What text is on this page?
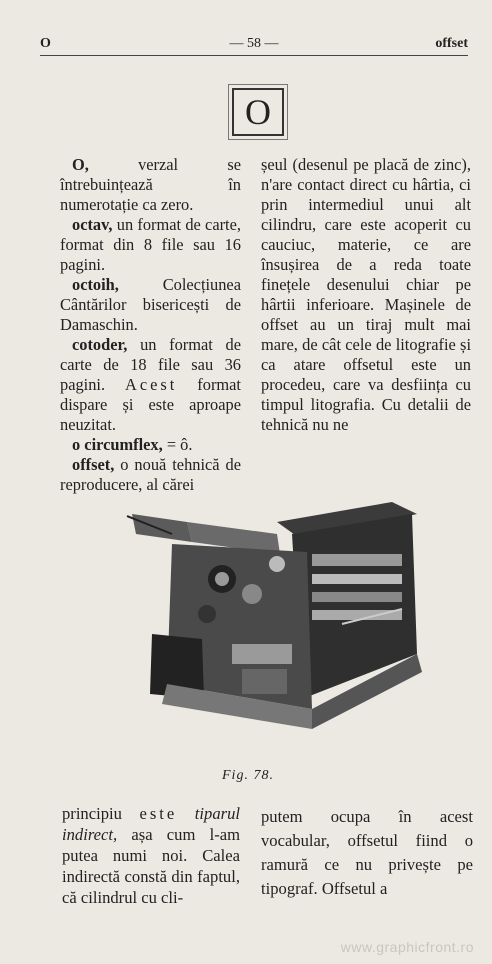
O	— 58 —	offset
O

O, verzal se întrebuințează în numerotație ca zero.

octav, un format de carte, format din 8 file sau 16 pagini.

octoih, Colecțiunea Cântărilor bisericești de Damaschin.

cotoder, un format de carte de 18 file sau 36 pagini. Acest format dispare și este aproape neuzitat.

o circumflex, = ô.

offset, o nouă tehnică de reproducere, al cărei

șeul (desenul pe placă de zinc), n'are contact direct cu hârtia, ci prin intermediul unui alt cilindru, care este acoperit cu cauciuc, materie, ce are însușirea de a reda toate finețele desenului chiar pe hârtii inferioare. Mașinele de offset au un tiraj mult mai mare, de cât cele de litografie și ca atare offsetul este un procedeu, care va desființa cu timpul litografia. Cu detalii de tehnică nu ne
Fig. 78.
principiu este tiparul indirect, așa cum l-am putea numi noi. Calea indirectă constă din faptul, că cilindrul cu cli-
putem ocupa în acest vocabular, offsetul fiind o ramură ce nu privește pe tipograf. Offsetul a
www.graphicfront.ro
